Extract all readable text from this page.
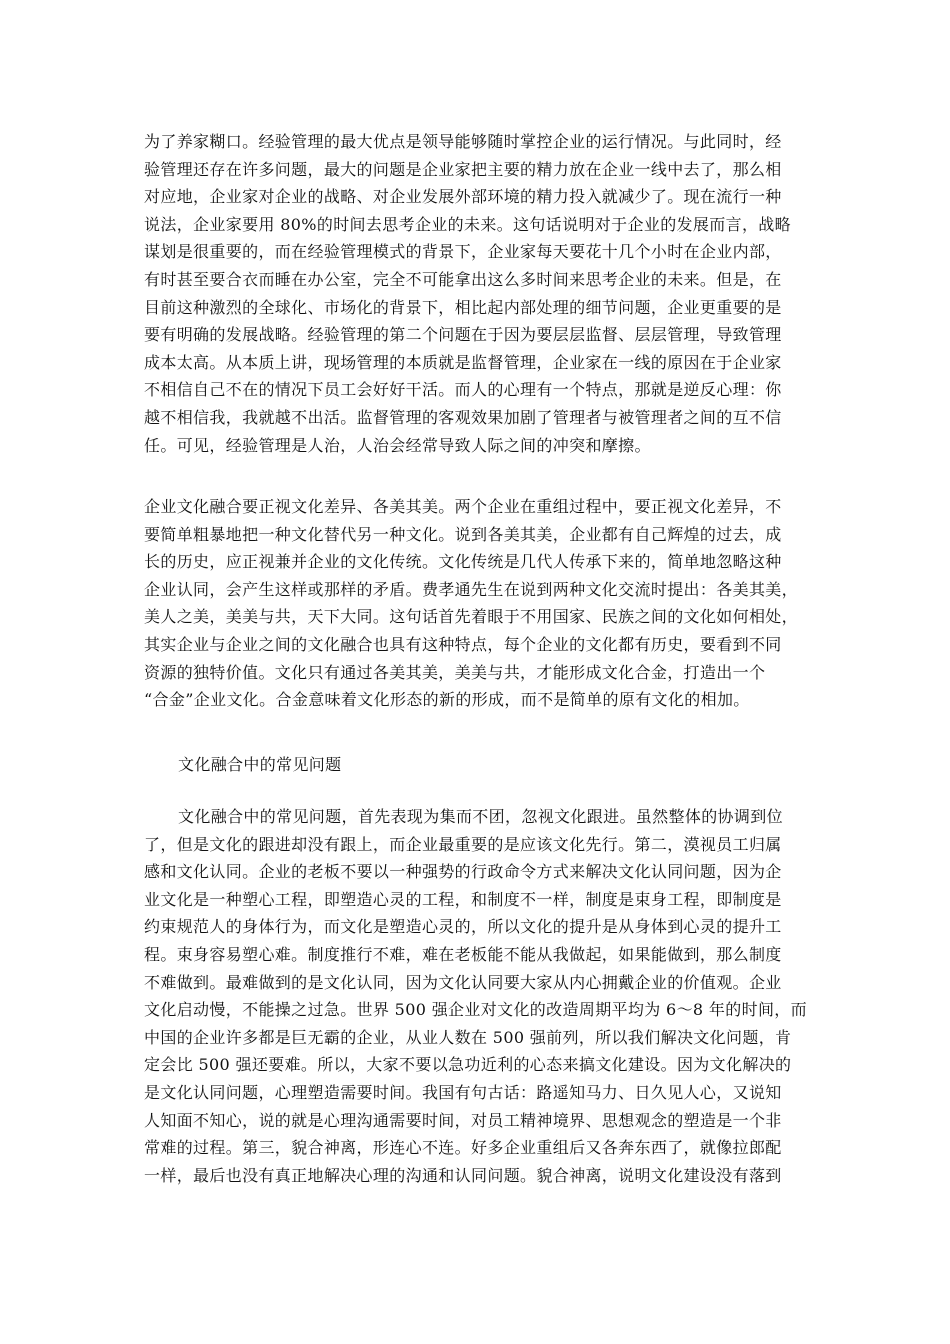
为了养家糊口。经验管理的最大优点是领导能够随时掌控企业的运行情况。与此同时，经
验管理还存在许多问题，最大的问题是企业家把主要的精力放在企业一线中去了，那么相
对应地，企业家对企业的战略、对企业发展外部环境的精力投入就减少了。现在流行一种
说法，企业家要用 80%的时间去思考企业的未来。这句话说明对于企业的发展而言，战略
谋划是很重要的，而在经验管理模式的背景下，企业家每天要花十几个小时在企业内部，
有时甚至要合衣而睡在办公室，完全不可能拿出这么多时间来思考企业的未来。但是，在
目前这种激烈的全球化、市场化的背景下，相比起内部处理的细节问题，企业更重要的是
要有明确的发展战略。经验管理的第二个问题在于因为要层层监督、层层管理，导致管理
成本太高。从本质上讲，现场管理的本质就是监督管理，企业家在一线的原因在于企业家
不相信自己不在的情况下员工会好好干活。而人的心理有一个特点，那就是逆反心理：你
越不相信我，我就越不出活。监督管理的客观效果加剧了管理者与被管理者之间的互不信
任。可见，经验管理是人治，人治会经常导致人际之间的冲突和摩擦。
企业文化融合要正视文化差异、各美其美。两个企业在重组过程中，要正视文化差异，不
要简单粗暴地把一种文化替代另一种文化。说到各美其美，企业都有自己辉煌的过去，成
长的历史，应正视兼并企业的文化传统。文化传统是几代人传承下来的，简单地忽略这种
企业认同，会产生这样或那样的矛盾。费孝通先生在说到两种文化交流时提出：各美其美，
美人之美，美美与共，天下大同。这句话首先着眼于不用国家、民族之间的文化如何相处，
其实企业与企业之间的文化融合也具有这种特点，每个企业的文化都有历史，要看到不同
资源的独特价值。文化只有通过各美其美，美美与共，才能形成文化合金，打造出一个
“合金”企业文化。合金意味着文化形态的新的形成，而不是简单的原有文化的相加。
文化融合中的常见问题
文化融合中的常见问题，首先表现为集而不团，忽视文化跟进。虽然整体的协调到位
了，但是文化的跟进却没有跟上，而企业最重要的是应该文化先行。第二，漠视员工归属
感和文化认同。企业的老板不要以一种强势的行政命令方式来解决文化认同问题，因为企
业文化是一种塑心工程，即塑造心灵的工程，和制度不一样，制度是束身工程，即制度是
约束规范人的身体行为，而文化是塑造心灵的，所以文化的提升是从身体到心灵的提升工
程。束身容易塑心难。制度推行不难，难在老板能不能从我做起，如果能做到，那么制度
不难做到。最难做到的是文化认同，因为文化认同要大家从内心拥戴企业的价值观。企业
文化启动慢，不能操之过急。世界 500 强企业对文化的改造周期平均为 6～8 年的时间，而
中国的企业许多都是巨无霸的企业，从业人数在 500 强前列，所以我们解决文化问题，肯
定会比 500 强还要难。所以，大家不要以急功近利的心态来搞文化建设。因为文化解决的
是文化认同问题，心理塑造需要时间。我国有句古话：路遥知马力、日久见人心，又说知
人知面不知心，说的就是心理沟通需要时间，对员工精神境界、思想观念的塑造是一个非
常难的过程。第三，貌合神离，形连心不连。好多企业重组后又各奔东西了，就像拉郎配
一样，最后也没有真正地解决心理的沟通和认同问题。貌合神离，说明文化建设没有落到
